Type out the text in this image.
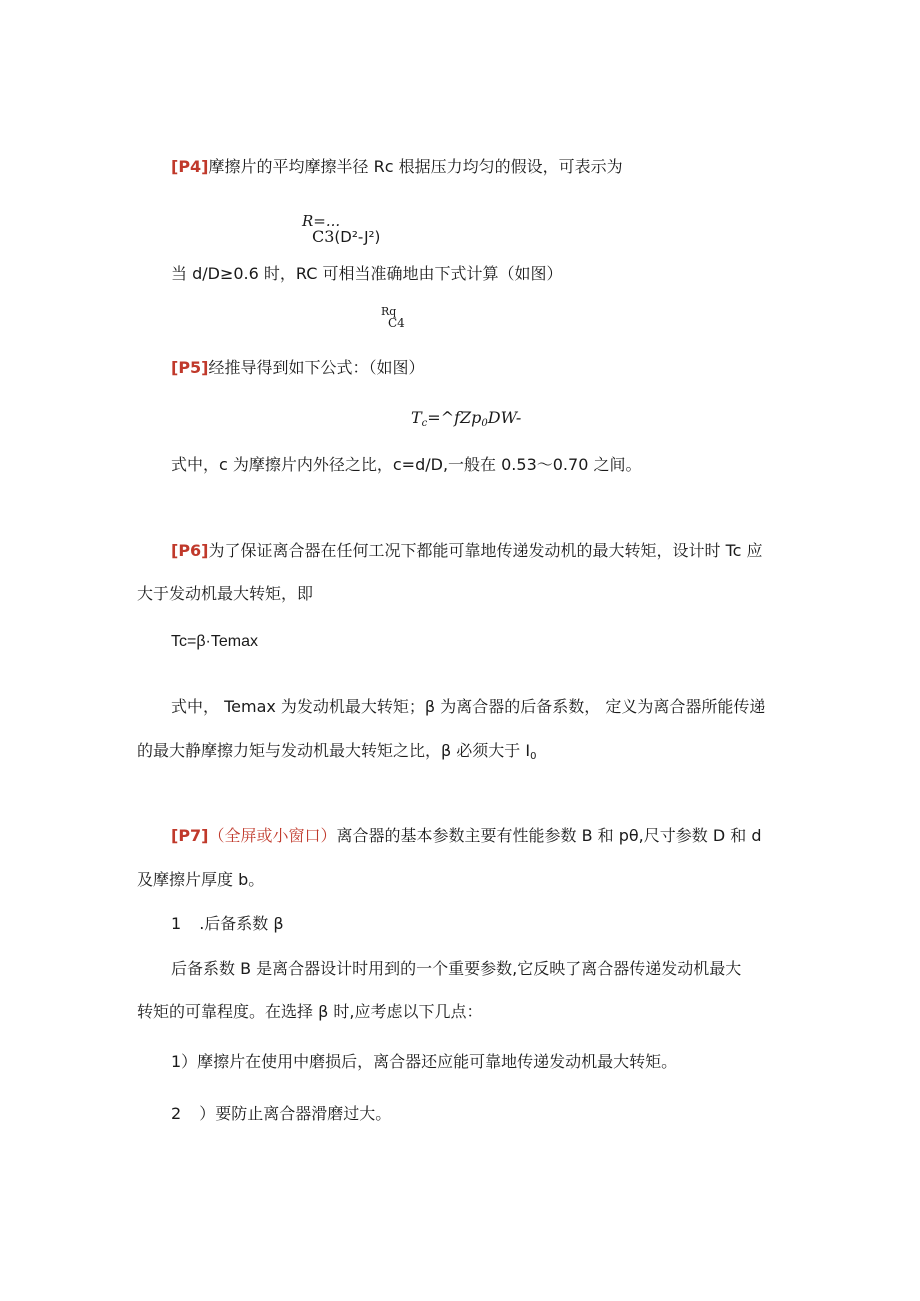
[P4]摩擦片的平均摩擦半径 Rc 根据压力均匀的假设，可表示为
R=...
C3(D²-J²)
当 d/D≥0.6 时，RC 可相当准确地由下式计算（如图）
Rq
C4
[P5]经推导得到如下公式：（如图）
$T_c=\^{}fZp_0DW-$
式中，c 为摩擦片内外径之比，c=d/D,一般在 0.53～0.70 之间。
[P6]为了保证离合器在任何工况下都能可靠地传递发动机的最大转矩，设计时 Tc 应
大于发动机最大转矩，即
Tc=β·Temax
式中， Temax 为发动机最大转矩；β 为离合器的后备系数， 定义为离合器所能传递
的最大静摩擦力矩与发动机最大转矩之比，β 必须大于 $I_0$
[P7]（全屏或小窗口）离合器的基本参数主要有性能参数 B 和 pθ,尺寸参数 D 和 d
及摩擦片厚度 b。
1 .后备系数 β
后备系数 B 是离合器设计时用到的一个重要参数,它反映了离合器传递发动机最大
转矩的可靠程度。在选择 β 时,应考虑以下几点：
1）摩擦片在使用中磨损后，离合器还应能可靠地传递发动机最大转矩。
2 ）要防止离合器滑磨过大。
